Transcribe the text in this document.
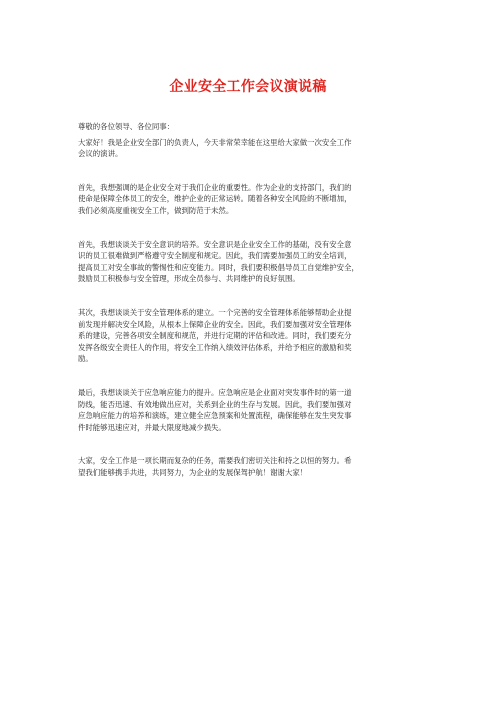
企业安全工作会议演说稿
尊敬的各位领导、各位同事：
大家好！我是企业安全部门的负责人，今天非常荣幸能在这里给大家做一次安全工作
会议的演讲。
首先，我想强调的是企业安全对于我们企业的重要性。作为企业的支持部门，我们的
使命是保障全体员工的安全，维护企业的正常运转。随着各种安全风险的不断增加，
我们必须高度重视安全工作，做到防范于未然。
首先，我想谈谈关于安全意识的培养。安全意识是企业安全工作的基础，没有安全意
识的员工很难做到严格遵守安全制度和规定。因此，我们需要加强员工的安全培训，
提高员工对安全事故的警惕性和应变能力。同时，我们要积极倡导员工自觉维护安全，
鼓励员工积极参与安全管理，形成全员参与、共同维护的良好氛围。
其次，我想谈谈关于安全管理体系的建立。一个完善的安全管理体系能够帮助企业提
前发现并解决安全风险，从根本上保障企业的安全。因此，我们要加强对安全管理体
系的建设，完善各项安全制度和规范，并进行定期的评估和改进。同时，我们要充分
发挥各级安全责任人的作用，将安全工作纳入绩效评估体系，并给予相应的激励和奖
励。
最后，我想谈谈关于应急响应能力的提升。应急响应是企业面对突发事件时的第一道
防线，能否迅速、有效地做出应对，关系到企业的生存与发展。因此，我们要加强对
应急响应能力的培养和演练，建立健全应急预案和处置流程，确保能够在发生突发事
件时能够迅速应对，并最大限度地减少损失。
大家，安全工作是一项长期而复杂的任务，需要我们密切关注和持之以恒的努力。希
望我们能够携手共进，共同努力，为企业的发展保驾护航！谢谢大家！
